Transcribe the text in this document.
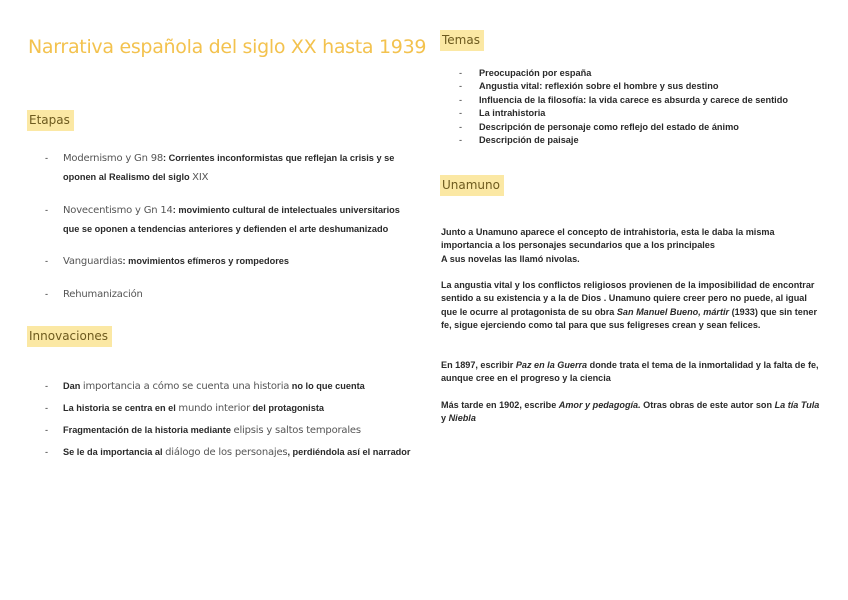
Narrativa española del siglo XX hasta 1939
Etapas
- Modernismo y Gn 98: Corrientes inconformistas que reflejan la crisis y se oponen al Realismo del siglo XIX
- Novecentismo y Gn 14: movimiento cultural de intelectuales universitarios que se oponen a tendencias anteriores y defienden el arte deshumanizado
- Vanguardias: movimientos efímeros y rompedores
- Rehumanización
Innovaciones
- Dan importancia a cómo se cuenta una historia no lo que cuenta
- La historia se centra en el mundo interior del protagonista
- Fragmentación de la historia mediante elipsis y saltos temporales
- Se le da importancia al diálogo de los personajes, perdiéndola así el narrador
Temas
- Preocupación por españa
- Angustia vital: reflexión sobre el hombre y sus destino
- Influencia de la filosofía: la vida carece es absurda y carece de sentido
- La intrahistoria
- Descripción de personaje como reflejo del estado de ánimo
- Descripción de paisaje
Unamuno

Junto a Unamuno aparece el concepto de intrahistoria, esta le daba la misma importancia a los personajes secundarios que a los principales
A sus novelas las llamó nivolas.

La angustia vital y los conflictos religiosos provienen de la imposibilidad de encontrar sentido a su existencia y a la de Dios . Unamuno quiere creer pero no puede, al igual que le ocurre al protagonista de su obra San Manuel Bueno, mártir (1933) que sin tener fe, sigue ejerciendo como tal para que sus feligreses crean y sean felices.

En 1897, escribir Paz en la Guerra donde trata el tema de la inmortalidad y la falta de fe, aunque cree en el progreso y la ciencia

Más tarde en 1902, escribe Amor y pedagogía. Otras obras de este autor son La tía Tula y Niebla
